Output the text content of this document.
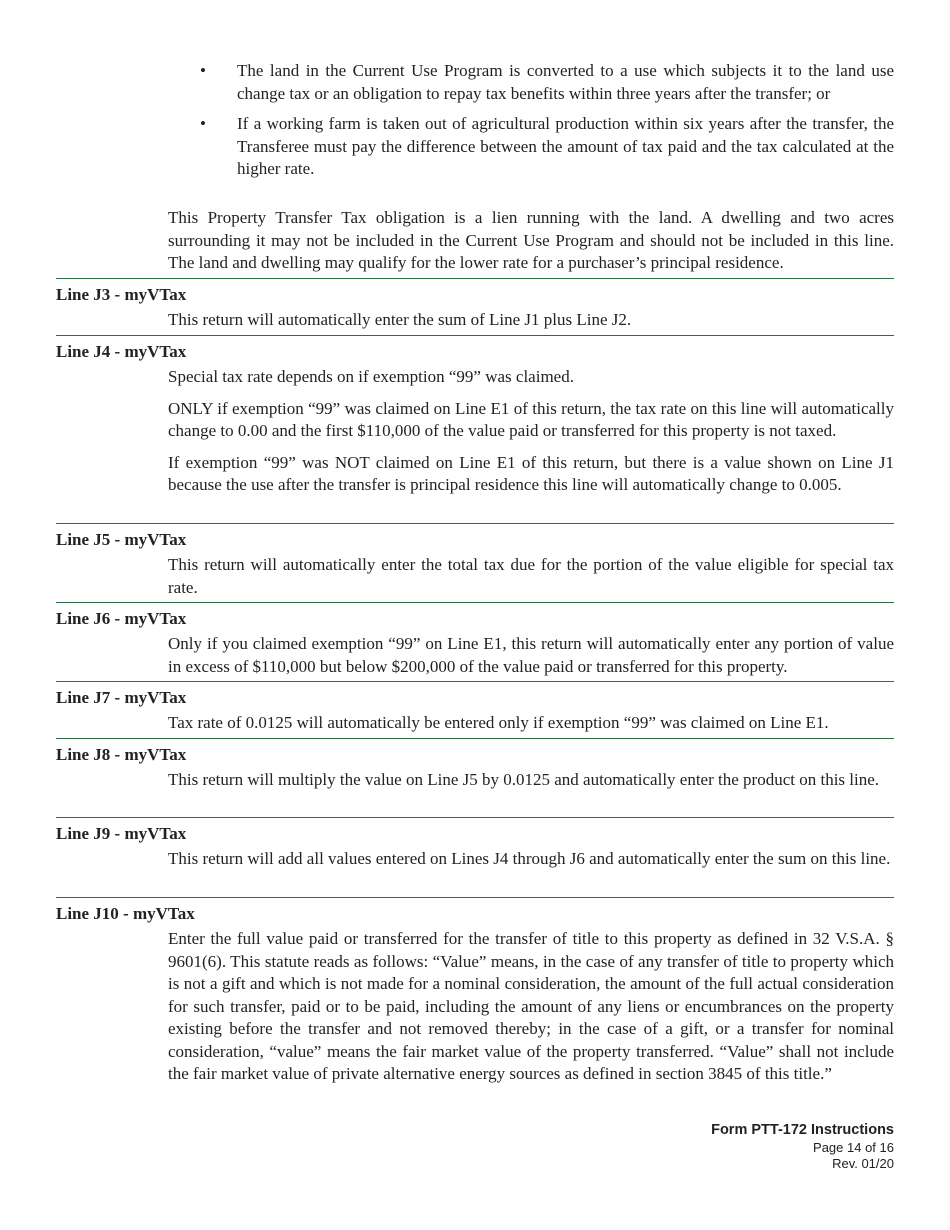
•	The land in the Current Use Program is converted to a use which subjects it to the land use change tax or an obligation to repay tax benefits within three years after the transfer; or
•	If a working farm is taken out of agricultural production within six years after the transfer, the Transferee must pay the difference between the amount of tax paid and the tax calculated at the higher rate.
This Property Transfer Tax obligation is a lien running with the land. A dwelling and two acres surrounding it may not be included in the Current Use Program and should not be included in this line. The land and dwelling may qualify for the lower rate for a purchaser’s principal residence.
Line J3 - myVTax

This return will automatically enter the sum of Line J1 plus Line J2.

Line J4 - myVTax

Special tax rate depends on if exemption “99” was claimed.

ONLY if exemption “99” was claimed on Line E1 of this return, the tax rate on this line will automatically change to 0.00 and the first $110,000 of the value paid or transferred for this property is not taxed.

If exemption “99” was NOT claimed on Line E1 of this return, but there is a value shown on Line J1 because the use after the transfer is principal residence this line will automatically change to 0.005.

Line J5 - myVTax

This return will automatically enter the total tax due for the portion of the value eligible for special tax rate.

Line J6 - myVTax

Only if you claimed exemption “99” on Line E1, this return will automatically enter any portion of value in excess of $110,000 but below $200,000 of the value paid or transferred for this property.

Line J7 - myVTax

Tax rate of 0.0125 will automatically be entered only if exemption “99” was claimed on Line E1.

Line J8 - myVTax

This return will multiply the value on Line J5 by 0.0125 and automatically enter the product on this line.

Line J9 - myVTax

This return will add all values entered on Lines J4 through J6 and automatically enter the sum on this line.

Line J10 - myVTax

Enter the full value paid or transferred for the transfer of title to this property as defined in 32 V.S.A. § 9601(6). This statute reads as follows: “Value” means, in the case of any transfer of title to property which is not a gift and which is not made for a nominal consideration, the amount of the full actual consideration for such transfer, paid or to be paid, including the amount of any liens or encumbrances on the property existing before the transfer and not removed thereby; in the case of a gift, or a transfer for nominal consideration, “value” means the fair market value of the property transferred. “Value” shall not include the fair market value of private alternative energy sources as defined in section 3845 of this title.”

Form PTT-172 Instructions
Page 14 of 16
Rev. 01/20
